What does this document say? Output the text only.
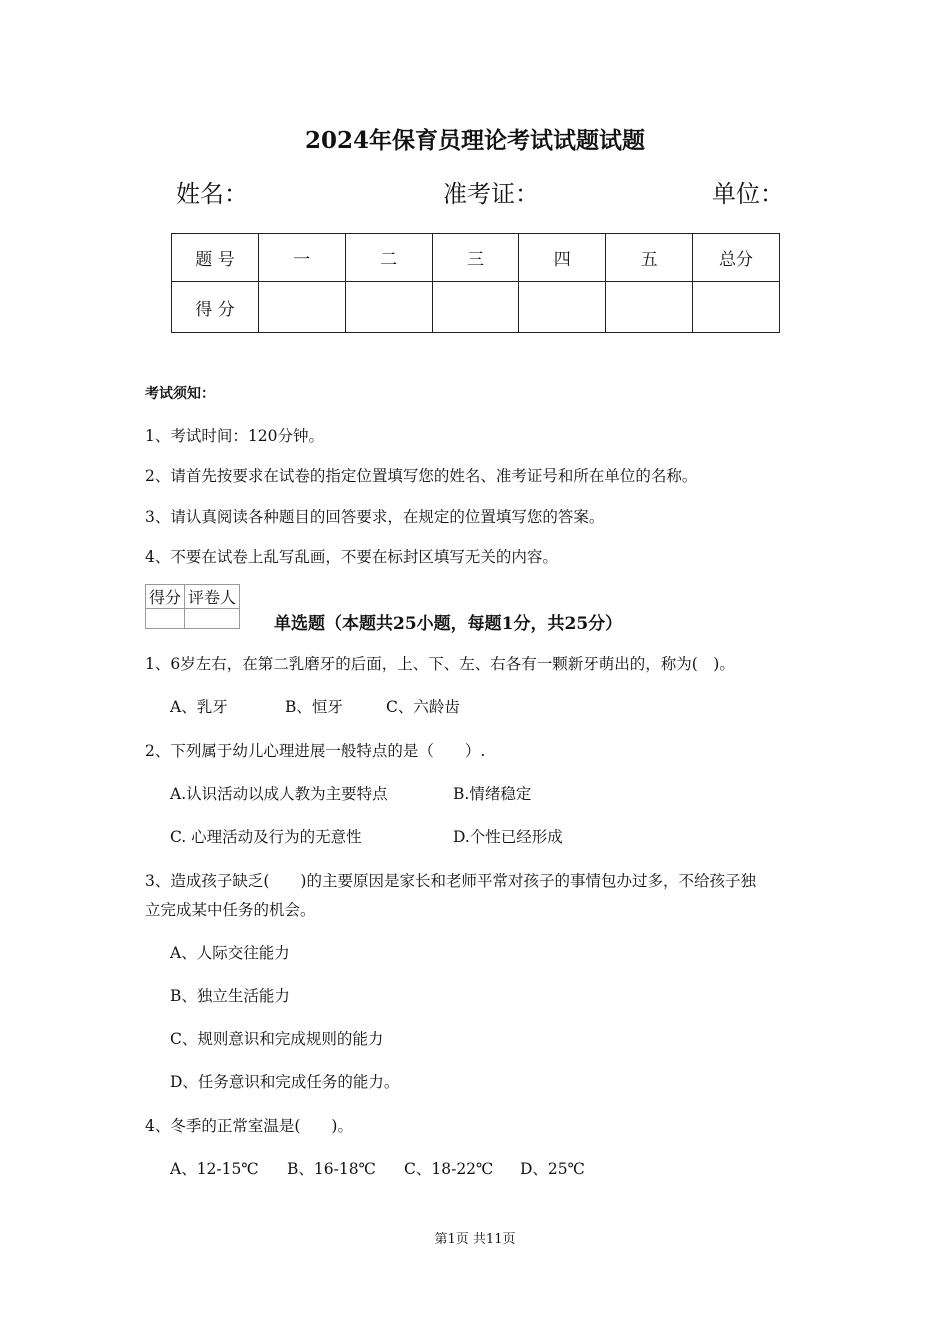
2024年保育员理论考试试题试题
姓名：	准考证：	单位：
题 号	一	二	三	四	五	总分
得 分						
考试须知：
1、考试时间：120分钟。
2、请首先按要求在试卷的指定位置填写您的姓名、准考证号和所在单位的名称。
3、请认真阅读各种题目的回答要求，在规定的位置填写您的答案。
4、不要在试卷上乱写乱画，不要在标封区填写无关的内容。
得分	评卷人

单选题（本题共25小题，每题1分，共25分）
1、6岁左右，在第二乳磨牙的后面，上、下、左、右各有一颗新牙萌出的，称为(　)。
A、乳牙	B、恒牙	C、六龄齿
2、下列属于幼儿心理进展一般特点的是（　　）.
A.认识活动以成人教为主要特点	B.情绪稳定
C. 心理活动及行为的无意性	D.个性已经形成
3、造成孩子缺乏(　　)的主要原因是家长和老师平常对孩子的事情包办过多，不给孩子独
立完成某中任务的机会。
A、人际交往能力
B、独立生活能力
C、规则意识和完成规则的能力
D、任务意识和完成任务的能力。
4、冬季的正常室温是(　　)。
A、12-15℃ B、16-18℃ C、18-22℃ D、25℃
第1页 共11页
